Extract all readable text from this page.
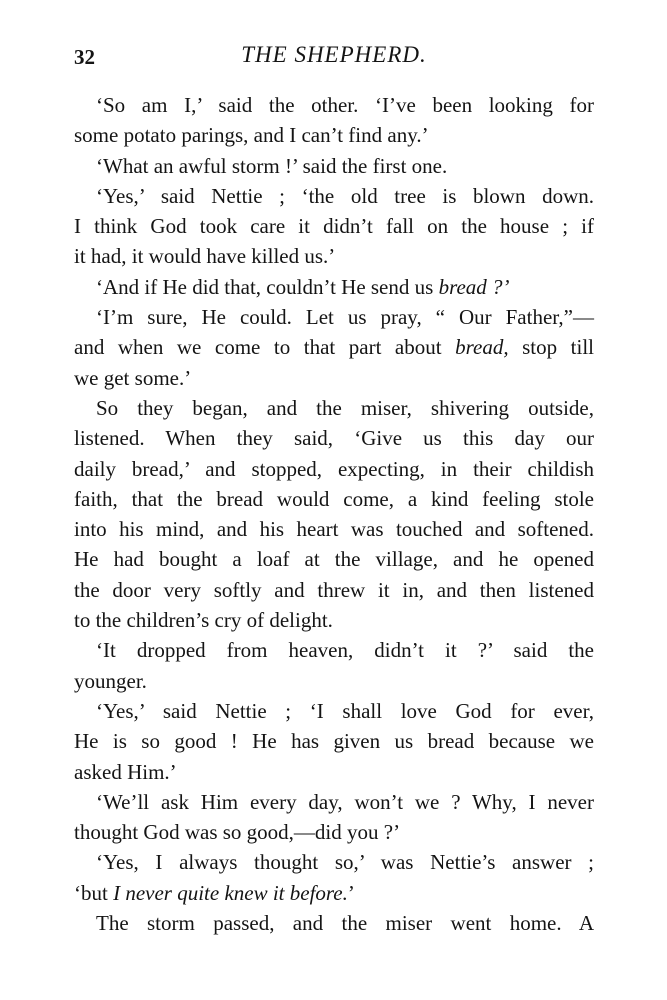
32	THE SHEPHERD.
‘So am I,’ said the other. ‘I’ve been looking for
some potato parings, and I can’t find any.’
‘What an awful storm !’ said the first one.
‘Yes,’ said Nettie ; ‘the old tree is blown down.
I think God took care it didn’t fall on the house ; if
it had, it would have killed us.’
‘And if He did that, couldn’t He send us bread ?’
‘I’m sure, He could. Let us pray, “ Our Father,”—
and when we come to that part about bread, stop till
we get some.’
So they began, and the miser, shivering outside,
listened. When they said, ‘Give us this day our
daily bread,’ and stopped, expecting, in their childish
faith, that the bread would come, a kind feeling stole
into his mind, and his heart was touched and softened.
He had bought a loaf at the village, and he opened
the door very softly and threw it in, and then listened
to the children’s cry of delight.
‘It dropped from heaven, didn’t it ?’ said the
younger.
‘Yes,’ said Nettie ; ‘I shall love God for ever,
He is so good ! He has given us bread because we
asked Him.’
‘We’ll ask Him every day, won’t we ? Why, I never
thought God was so good,—did you ?’
‘Yes, I always thought so,’ was Nettie’s answer ;
‘but I never quite knew it before.’
The storm passed, and the miser went home. A
